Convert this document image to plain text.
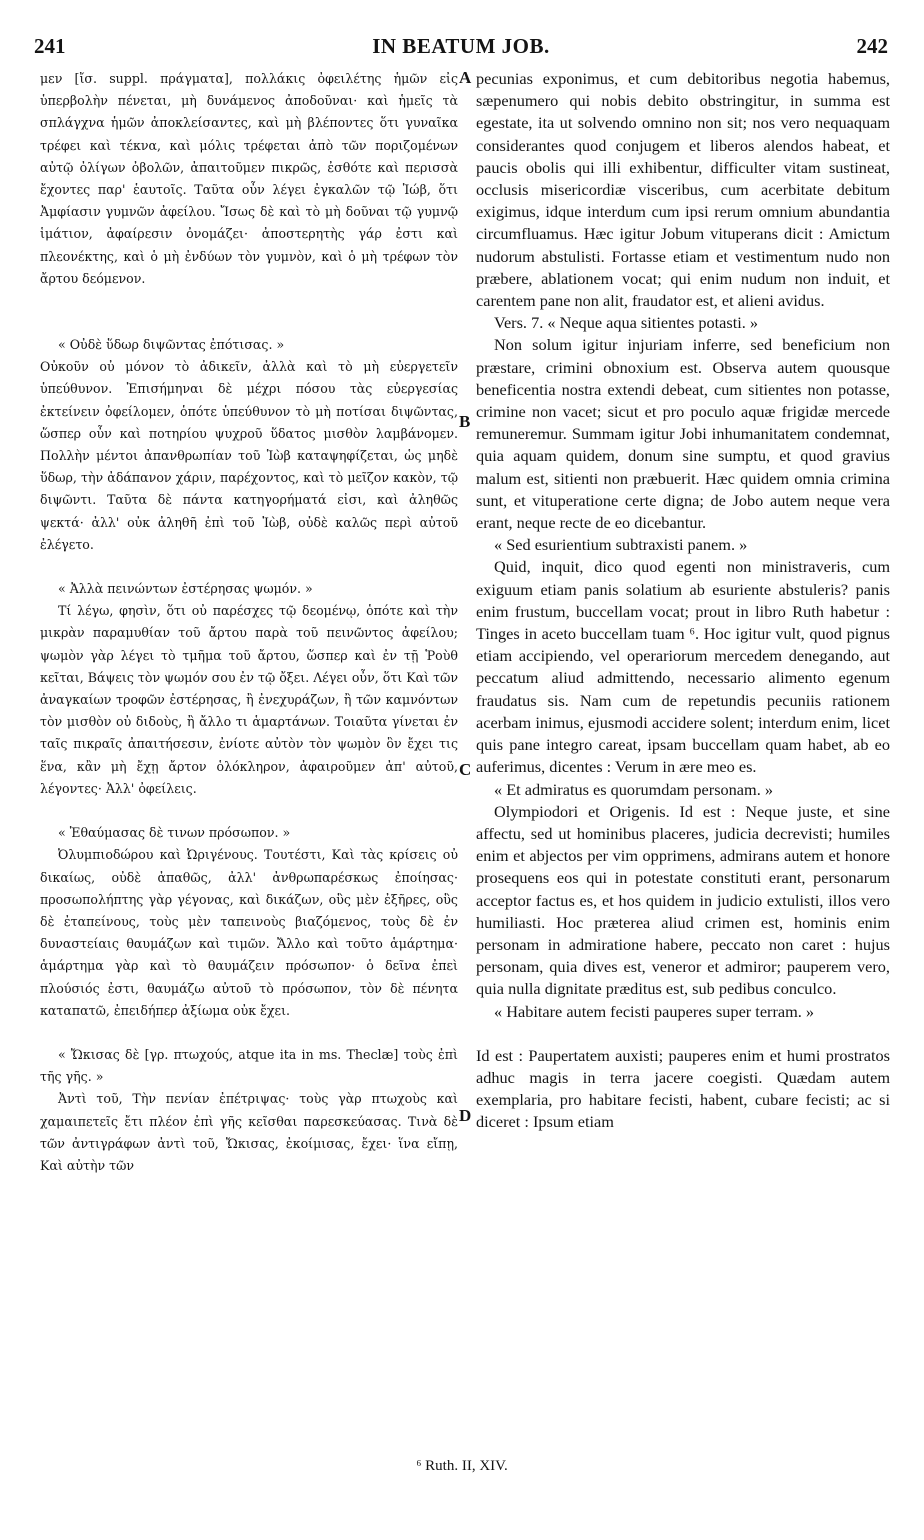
241	IN BEATUM JOB.	242

μεν [ἴσ. suppl. πράγματα], πολλάκις ὀφειλέτης ἡμῶν εἰς ὑπερβολὴν πένεται, μὴ δυνάμενος ἀποδοῦναι· καὶ ἡμεῖς τὰ σπλάγχνα ἡμῶν ἀποκλείσαντες, καὶ μὴ βλέποντες ὅτι γυναῖκα τρέφει καὶ τέκνα, καὶ μόλις τρέφεται ἀπὸ τῶν ποριζομένων αὐτῷ ὀλίγων ὀβολῶν, ἀπαιτοῦμεν πικρῶς, ἐσθότε καὶ περισσὰ ἔχοντες παρ' ἑαυτοῖς. Ταῦτα οὖν λέγει ἐγκαλῶν τῷ Ἰώβ, ὅτι Ἀμφίασιν γυμνῶν ἀφείλου. Ἴσως δὲ καὶ τὸ μὴ δοῦναι τῷ γυμνῷ ἱμάτιον, ἀφαίρεσιν ὀνομάζει· ἀποστερητὴς γάρ ἐστι καὶ πλεονέκτης, καὶ ὁ μὴ ἐνδύων τὸν γυμνὸν, καὶ ὁ μὴ τρέφων τὸν ἄρτου δεόμενον.

« Οὐδὲ ὕδωρ διψῶντας ἐπότισας. »

Οὐκοῦν οὐ μόνον τὸ ἀδικεῖν, ἀλλὰ καὶ τὸ μὴ εὐεργετεῖν ὑπεύθυνον. Ἐπισήμηναι δὲ μέχρι πόσου τὰς εὐεργεσίας ἐκτείνειν ὀφείλομεν, ὁπότε ὑπεύθυνον τὸ μὴ ποτίσαι διψῶντας, ὥσπερ οὖν καὶ ποτηρίου ψυχροῦ ὕδατος μισθὸν λαμβάνομεν. Πολλὴν μέντοι ἀπανθρωπίαν τοῦ Ἰὼβ καταψηφίζεται, ὡς μηδὲ ὕδωρ, τὴν ἀδάπανον χάριν, παρέχοντος, καὶ τὸ μεῖζον κακὸν, τῷ διψῶντι. Ταῦτα δὲ πάντα κατηγορήματά εἰσι, καὶ ἀληθῶς ψεκτά· ἀλλ' οὐκ ἀληθῆ ἐπὶ τοῦ Ἰὼβ, οὐδὲ καλῶς περὶ αὐτοῦ ἐλέγετο.

« Ἀλλὰ πεινώντων ἐστέρησας ψωμόν. »

Τί λέγω, φησὶν, ὅτι οὐ παρέσχες τῷ δεομένῳ, ὁπότε καὶ τὴν μικρὰν παραμυθίαν τοῦ ἄρτου παρὰ τοῦ πεινῶντος ἀφείλου; ψωμὸν γὰρ λέγει τὸ τμῆμα τοῦ ἄρτου, ὥσπερ καὶ ἐν τῇ Ῥοὺθ κεῖται, Βάψεις τὸν ψωμόν σου ἐν τῷ ὄξει. Λέγει οὖν, ὅτι Καὶ τῶν ἀναγκαίων τροφῶν ἐστέρησας, ἢ ἐνεχυράζων, ἢ τῶν καμνόντων τὸν μισθὸν οὐ διδοὺς, ἢ ἄλλο τι ἁμαρτάνων. Τοιαῦτα γίνεται ἐν ταῖς πικραῖς ἀπαιτήσεσιν, ἐνίοτε αὐτὸν τὸν ψωμὸν ὃν ἔχει τις ἕνα, κἂν μὴ ἔχῃ ἄρτον ὁλόκληρον, ἀφαιροῦμεν ἀπ' αὐτοῦ, λέγοντες· Ἀλλ' ὀφείλεις.

« Ἐθαύμασας δὲ τινων πρόσωπον. »

Ὀλυμπιοδώρου καὶ Ὠριγένους. Τουτέστι, Καὶ τὰς κρίσεις οὐ δικαίως, οὐδὲ ἀπαθῶς, ἀλλ' ἀνθρωπαρέσκως ἐποίησας· προσωπολήπτης γὰρ γέγονας, καὶ δικάζων, οὓς μὲν ἐξῆρες, οὓς δὲ ἐταπείνους, τοὺς μὲν ταπεινοὺς βιαζόμενος, τοὺς δὲ ἐν δυναστείαις θαυμάζων καὶ τιμῶν. Ἄλλο καὶ τοῦτο ἁμάρτημα· ἁμάρτημα γὰρ καὶ τὸ θαυμάζειν πρόσωπον· ὁ δεῖνα ἐπεὶ πλούσιός ἐστι, θαυμάζω αὐτοῦ τὸ πρόσωπον, τὸν δὲ πένητα καταπατῶ, ἐπειδήπερ ἀξίωμα οὐκ ἔχει.

« Ὤκισας δὲ [γρ. πτωχούς, atque ita in ms. Theclæ] τοὺς ἐπὶ τῆς γῆς. »

Ἀντὶ τοῦ, Τὴν πενίαν ἐπέτριψας· τοὺς γὰρ πτωχοὺς καὶ χαμαιπετεῖς ἔτι πλέον ἐπὶ γῆς κεῖσθαι παρεσκεύασας. Τινὰ δὲ τῶν ἀντιγράφων ἀντὶ τοῦ, Ὤκισας, ἐκοίμισας, ἔχει· ἵνα εἴπῃ, Καὶ αὐτὴν τῶν

A
B
C
D

pecunias exponimus, et cum debitoribus negotia habemus, sæpenumero qui nobis debito obstringitur, in summa est egestate, ita ut solvendo omnino non sit; nos vero nequaquam considerantes quod conjugem et liberos alendos habeat, et paucis obolis qui illi exhibentur, difficulter vitam sustineat, occlusis misericordiæ visceribus, cum acerbitate debitum exigimus, idque interdum cum ipsi rerum omnium abundantia circumfluamus. Hæc igitur Jobum vituperans dicit : Amictum nudorum abstulisti. Fortasse etiam et vestimentum nudo non præbere, ablationem vocat; qui enim nudum non induit, et carentem pane non alit, fraudator est, et alieni avidus.

Vers. 7. « Neque aqua sitientes potasti. »

Non solum igitur injuriam inferre, sed beneficium non præstare, crimini obnoxium est. Observa autem quousque beneficentia nostra extendi debeat, cum sitientes non potasse, crimine non vacet; sicut et pro poculo aquæ frigidæ mercede remuneremur. Summam igitur Jobi inhumanitatem condemnat, quia aquam quidem, donum sine sumptu, et quod gravius malum est, sitienti non præbuerit. Hæc quidem omnia crimina sunt, et vituperatione certe digna; de Jobo autem neque vera erant, neque recte de eo dicebantur.

« Sed esurientium subtraxisti panem. »

Quid, inquit, dico quod egenti non ministraveris, cum exiguum etiam panis solatium ab esuriente abstuleris? panis enim frustum, buccellam vocat; prout in libro Ruth habetur : Tinges in aceto buccellam tuam ⁶. Hoc igitur vult, quod pignus etiam accipiendo, vel operariorum mercedem denegando, aut peccatum aliud admittendo, necessario alimento egenum fraudatus sis. Nam cum de repetundis pecuniis rationem acerbam inimus, ejusmodi accidere solent; interdum enim, licet quis pane integro careat, ipsam buccellam quam habet, ab eo auferimus, dicentes : Verum in ære meo es.

« Et admiratus es quorumdam personam. »

Olympiodori et Origenis. Id est : Neque juste, et sine affectu, sed ut hominibus placeres, judicia decrevisti; humiles enim et abjectos per vim opprimens, admirans autem et honore prosequens eos qui in potestate constituti erant, personarum acceptor factus es, et hos quidem in judicio extulisti, illos vero humiliasti. Hoc præterea aliud crimen est, hominis enim personam in admiratione habere, peccato non caret : hujus personam, quia dives est, veneror et admiror; pauperem vero, quia nulla dignitate præditus est, sub pedibus conculco.

« Habitare autem fecisti pauperes super terram. »

Id est : Paupertatem auxisti; pauperes enim et humi prostratos adhuc magis in terra jacere coegisti. Quædam autem exemplaria, pro habitare fecisti, habent, cubare fecisti; ac si diceret : Ipsum etiam

⁶ Ruth. II, XIV.
